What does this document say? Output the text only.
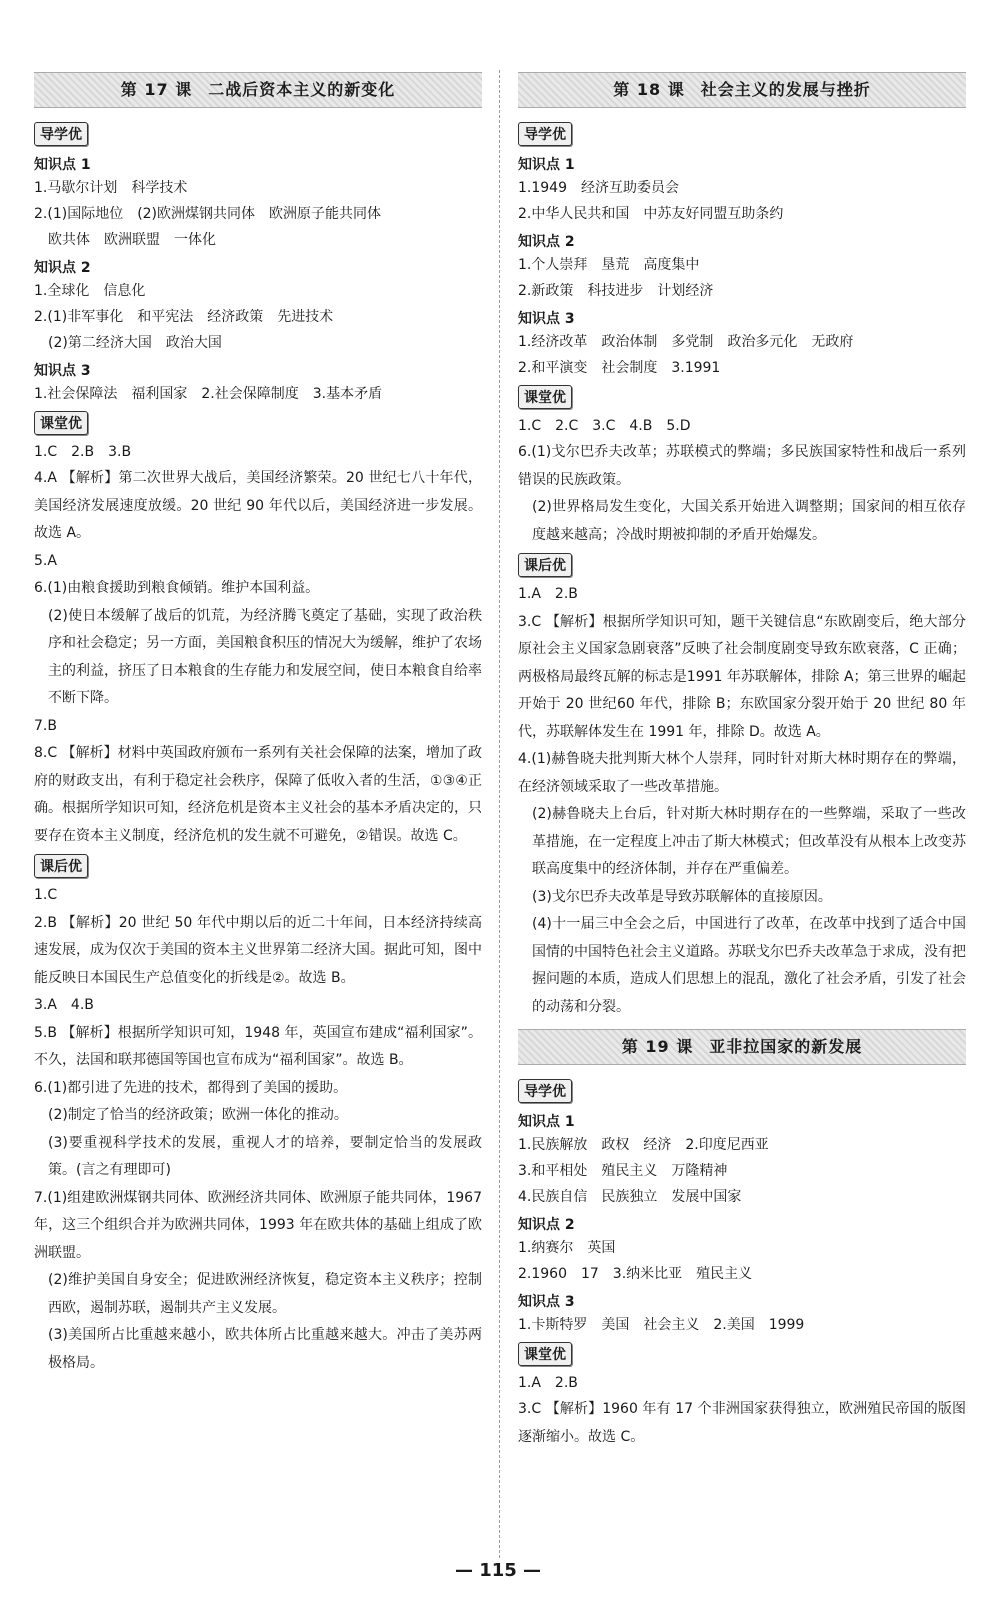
第 17 课 二战后资本主义的新变化
导学优
知识点 1
1.马歇尔计划　科学技术
2.(1)国际地位　(2)欧洲煤钢共同体　欧洲原子能共同体
　欧共体　欧洲联盟　一体化
知识点 2
1.全球化　信息化
2.(1)非军事化　和平宪法　经济政策　先进技术
　(2)第二经济大国　政治大国
知识点 3
1.社会保障法　福利国家　2.社会保障制度　3.基本矛盾
课堂优
1.C　2.B　3.B
4.A 【解析】第二次世界大战后，美国经济繁荣。20 世纪七八十年代，美国经济发展速度放缓。20 世纪 90 年代以后，美国经济进一步发展。故选 A。
5.A
6.(1)由粮食援助到粮食倾销。维护本国利益。
(2)使日本缓解了战后的饥荒，为经济腾飞奠定了基础，实现了政治秩序和社会稳定；另一方面，美国粮食积压的情况大为缓解，维护了农场主的利益，挤压了日本粮食的生存能力和发展空间，使日本粮食自给率不断下降。
7.B
8.C 【解析】材料中英国政府颁布一系列有关社会保障的法案，增加了政府的财政支出，有利于稳定社会秩序，保障了低收入者的生活，①③④正确。根据所学知识可知，经济危机是资本主义社会的基本矛盾决定的，只要存在资本主义制度，经济危机的发生就不可避免，②错误。故选 C。
课后优
1.C
2.B 【解析】20 世纪 50 年代中期以后的近二十年间，日本经济持续高速发展，成为仅次于美国的资本主义世界第二经济大国。据此可知，图中能反映日本国民生产总值变化的折线是②。故选 B。
3.A　4.B
5.B 【解析】根据所学知识可知，1948 年，英国宣布建成“福利国家”。不久，法国和联邦德国等国也宣布成为“福利国家”。故选 B。
6.(1)都引进了先进的技术，都得到了美国的援助。
(2)制定了恰当的经济政策；欧洲一体化的推动。
(3)要重视科学技术的发展，重视人才的培养，要制定恰当的发展政策。(言之有理即可)
7.(1)组建欧洲煤钢共同体、欧洲经济共同体、欧洲原子能共同体，1967 年，这三个组织合并为欧洲共同体，1993 年在欧共体的基础上组成了欧洲联盟。
(2)维护美国自身安全；促进欧洲经济恢复，稳定资本主义秩序；控制西欧，遏制苏联，遏制共产主义发展。
(3)美国所占比重越来越小，欧共体所占比重越来越大。冲击了美苏两极格局。
第 18 课 社会主义的发展与挫折
导学优
知识点 1
1.1949　经济互助委员会
2.中华人民共和国　中苏友好同盟互助条约
知识点 2
1.个人崇拜　垦荒　高度集中
2.新政策　科技进步　计划经济
知识点 3
1.经济改革　政治体制　多党制　政治多元化　无政府
2.和平演变　社会制度　3.1991
课堂优
1.C　2.C　3.C　4.B　5.D
6.(1)戈尔巴乔夫改革；苏联模式的弊端；多民族国家特性和战后一系列错误的民族政策。
(2)世界格局发生变化，大国关系开始进入调整期；国家间的相互依存度越来越高；冷战时期被抑制的矛盾开始爆发。
课后优
1.A　2.B
3.C 【解析】根据所学知识可知，题干关键信息“东欧剧变后，绝大部分原社会主义国家急剧衰落”反映了社会制度剧变导致东欧衰落，C 正确；两极格局最终瓦解的标志是1991 年苏联解体，排除 A；第三世界的崛起开始于 20 世纪60 年代，排除 B；东欧国家分裂开始于 20 世纪 80 年代，苏联解体发生在 1991 年，排除 D。故选 A。
4.(1)赫鲁晓夫批判斯大林个人崇拜，同时针对斯大林时期存在的弊端，在经济领域采取了一些改革措施。
(2)赫鲁晓夫上台后，针对斯大林时期存在的一些弊端，采取了一些改革措施，在一定程度上冲击了斯大林模式；但改革没有从根本上改变苏联高度集中的经济体制，并存在严重偏差。
(3)戈尔巴乔夫改革是导致苏联解体的直接原因。
(4)十一届三中全会之后，中国进行了改革，在改革中找到了适合中国国情的中国特色社会主义道路。苏联戈尔巴乔夫改革急于求成，没有把握问题的本质，造成人们思想上的混乱，激化了社会矛盾，引发了社会的动荡和分裂。
第 19 课 亚非拉国家的新发展
导学优
知识点 1
1.民族解放　政权　经济　2.印度尼西亚
3.和平相处　殖民主义　万隆精神
4.民族自信　民族独立　发展中国家
知识点 2
1.纳赛尔　英国
2.1960　17　3.纳米比亚　殖民主义
知识点 3
1.卡斯特罗　美国　社会主义　2.美国　1999
课堂优
1.A　2.B
3.C 【解析】1960 年有 17 个非洲国家获得独立，欧洲殖民帝国的版图逐渐缩小。故选 C。
— 115 —
